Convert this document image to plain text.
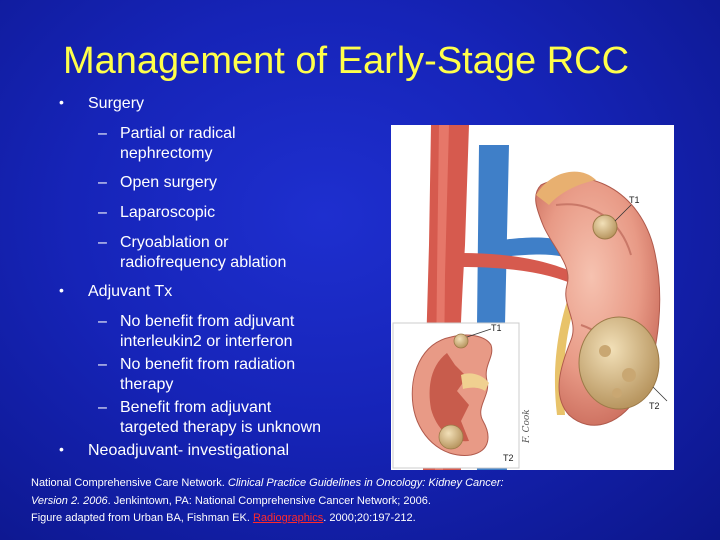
Management of Early-Stage RCC
• Surgery
– Partial or radical
nephrectomy
– Open surgery
– Laparoscopic
– Cryoablation or
radiofrequency ablation
• Adjuvant Tx
– No benefit from adjuvant
interleukin2 or interferon
– No benefit from radiation
therapy
– Benefit from adjuvant
targeted therapy is unknown
• Neoadjuvant- investigational
T1
T2
T1
T2
F. Cook
National Comprehensive Care Network. Clinical Practice Guidelines in Oncology: Kidney Cancer:
Version 2. 2006. Jenkintown, PA: National Comprehensive Cancer Network; 2006.
Figure adapted from Urban BA, Fishman EK. Radiographics. 2000;20:197-212.
